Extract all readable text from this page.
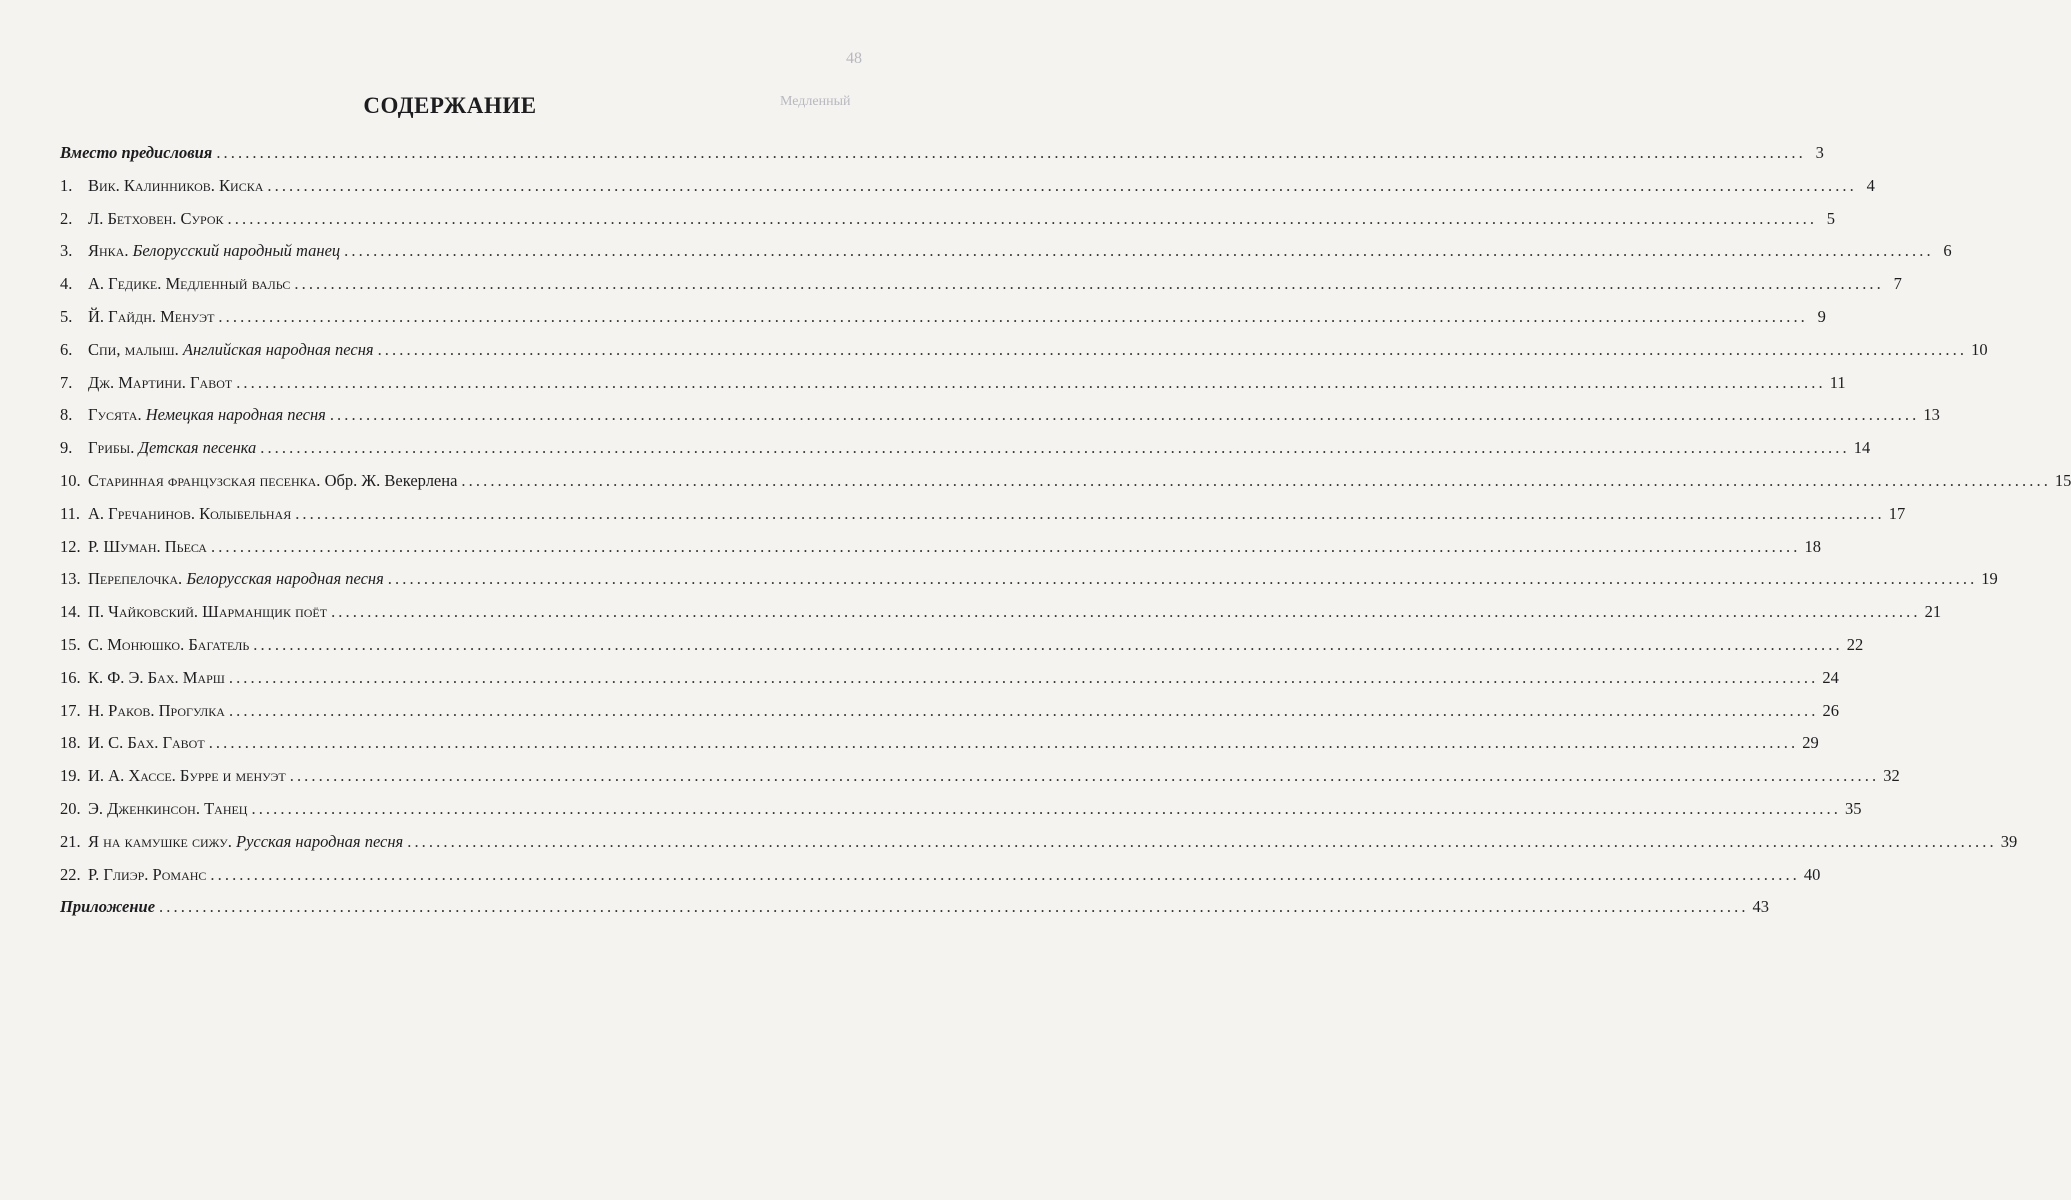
48
Медленный
СОДЕРЖАНИЕ
Вместо предисловия ............................................................................................................................................................................................................................ 3
1. Вик. Калинников. Киска ............................................................................................................................................................................................................................ 4
2. Л. Бетховен. Сурок ............................................................................................................................................................................................................................ 5
3. Янка. Белорусский народный танец ............................................................................................................................................................................................................................ 6
4. А. Гедике. Медленный вальс ............................................................................................................................................................................................................................ 7
5. Й. Гайдн. Менуэт ............................................................................................................................................................................................................................ 9
6. Спи, малыш. Английская народная песня ............................................................................................................................................................................................................................ 10
7. Дж. Мартини. Гавот ............................................................................................................................................................................................................................ 11
8. Гусята. Немецкая народная песня ............................................................................................................................................................................................................................ 13
9. Грибы. Детская песенка ............................................................................................................................................................................................................................ 14
10. Старинная французская песенка. Обр. Ж. Векерлена ............................................................................................................................................................................................................................ 15
11. А. Гречанинов. Колыбельная ............................................................................................................................................................................................................................ 17
12. Р. Шуман. Пьеса ............................................................................................................................................................................................................................ 18
13. Перепелочка. Белорусская народная песня ............................................................................................................................................................................................................................ 19
14. П. Чайковский. Шарманщик поёт ............................................................................................................................................................................................................................ 21
15. С. Монюшко. Багатель ............................................................................................................................................................................................................................ 22
16. К. Ф. Э. Бах. Марш ............................................................................................................................................................................................................................ 24
17. Н. Раков. Прогулка ............................................................................................................................................................................................................................ 26
18. И. С. Бах. Гавот ............................................................................................................................................................................................................................ 29
19. И. А. Хассе. Бурре и менуэт ............................................................................................................................................................................................................................ 32
20. Э. Дженкинсон. Танец ............................................................................................................................................................................................................................ 35
21. Я на камушке сижу. Русская народная песня ............................................................................................................................................................................................................................ 39
22. Р. Глиэр. Романс ............................................................................................................................................................................................................................ 40
Приложение ............................................................................................................................................................................................................................ 43
